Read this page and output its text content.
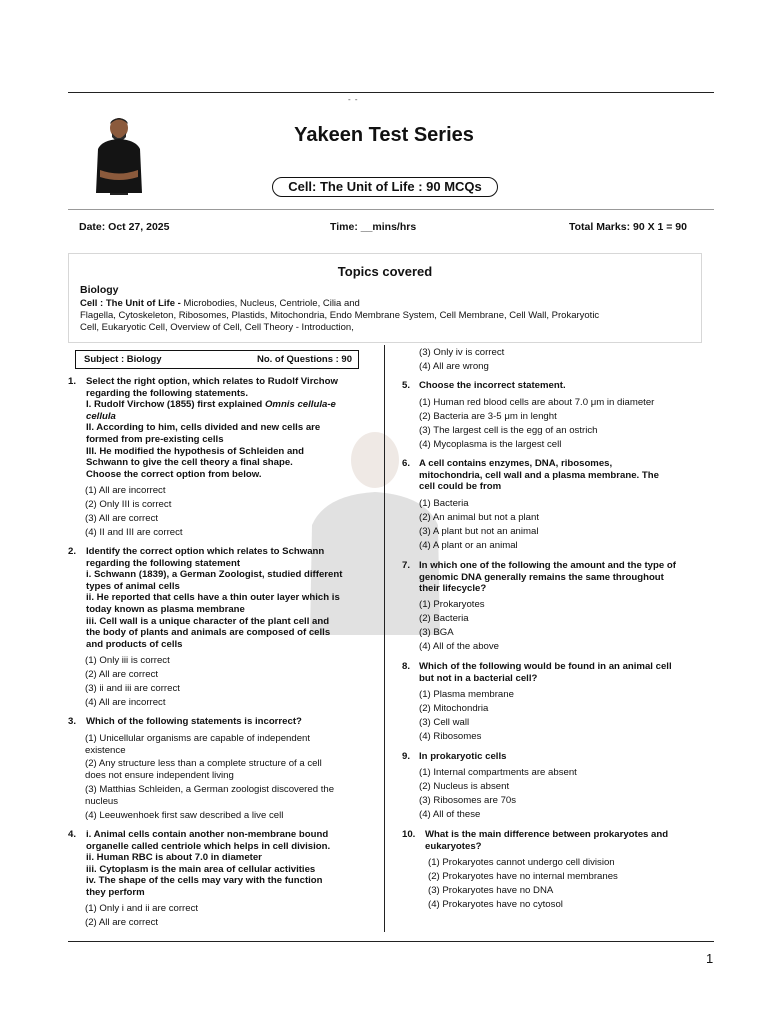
- -
Yakeen Test Series
Cell: The Unit of Life : 90 MCQs
Date: Oct 27, 2025	Time: __mins/hrs	Total Marks: 90 X 1 = 90
Topics covered
Biology
Cell : The Unit of Life - Microbodies, Nucleus, Centriole, Cilia and
Flagella, Cytoskeleton, Ribosomes, Plastids, Mitochondria, Endo Membrane System, Cell Membrane, Cell Wall, Prokaryotic
Cell, Eukaryotic Cell, Overview of Cell, Cell Theory - Introduction,
Subject : Biology	No. of Questions : 90
1. Select the right option, which relates to Rudolf Virchow
regarding the following statements.
I. Rudolf Virchow (1855) first explained Omnis cellula-e
cellula
II. According to him, cells divided and new cells are
formed from pre-existing cells
III. He modified the hypothesis of Schleiden and
Schwann to give the cell theory a final shape.
Choose the correct option from below.
(1) All are incorrect
(2) Only III is correct
(3) All are correct
(4) II and III are correct
2. Identify the correct option which relates to Schwann
regarding the following statement
i. Schwann (1839), a German Zoologist, studied different
types of animal cells
ii. He reported that cells have a thin outer layer which is
today known as plasma membrane
iii. Cell wall is a unique character of the plant cell and
the body of plants and animals are composed of cells
and products of cells
(1) Only iii is correct
(2) All are correct
(3) ii and iii are correct
(4) All are incorrect
3. Which of the following statements is incorrect?
(1) Unicellular organisms are capable of independent
existence
(2) Any structure less than a complete structure of a cell
does not ensure independent living
(3) Matthias Schleiden, a German zoologist discovered the
nucleus
(4) Leeuwenhoek first saw described a live cell
4. i. Animal cells contain another non-membrane bound
organelle called centriole which helps in cell division.
ii. Human RBC is about 7.0 in diameter
iii. Cytoplasm is the main area of cellular activities
iv. The shape of the cells may vary with the function
they perform
(1) Only i and ii are correct
(2) All are correct
(3) Only iv is correct
(4) All are wrong
5. Choose the incorrect statement.
(1) Human red blood cells are about 7.0 μm in diameter
(2) Bacteria are 3-5 μm in lenght
(3) The largest cell is the egg of an ostrich
(4) Mycoplasma is the largest cell
6. A cell contains enzymes, DNA, ribosomes,
mitochondria, cell wall and a plasma membrane. The
cell could be from
(1) Bacteria
(2) An animal but not a plant
(3) A plant but not an animal
(4) A plant or an animal
7. In which one of the following the amount and the type of
genomic DNA generally remains the same throughout
their lifecycle?
(1) Prokaryotes
(2) Bacteria
(3) BGA
(4) All of the above
8. Which of the following would be found in an animal cell
but not in a bacterial cell?
(1) Plasma membrane
(2) Mitochondria
(3) Cell wall
(4) Ribosomes
9. In prokaryotic cells
(1) Internal compartments are absent
(2) Nucleus is absent
(3) Ribosomes are 70s
(4) All of these
10. What is the main difference between prokaryotes and
eukaryotes?
(1) Prokaryotes cannot undergo cell division
(2) Prokaryotes have no internal membranes
(3) Prokaryotes have no DNA
(4) Prokaryotes have no cytosol
1
